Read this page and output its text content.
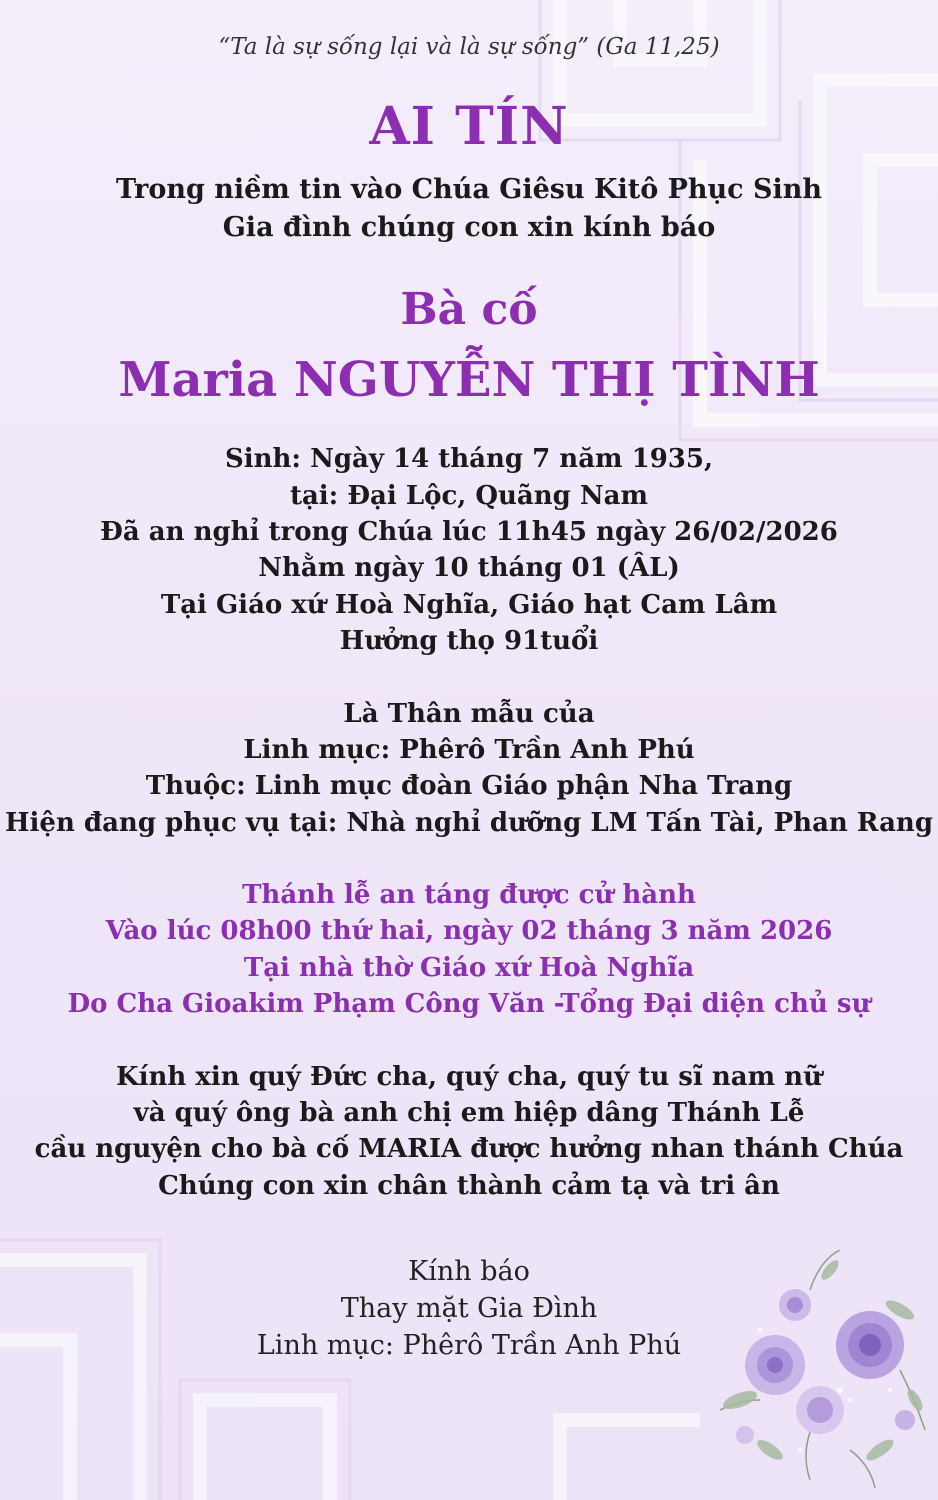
“Ta là sự sống lại và là sự sống” (Ga 11,25)
AI TÍN
Trong niềm tin vào Chúa Giêsu Kitô Phục Sinh
Gia đình chúng con xin kính báo
Bà cố
Maria NGUYỄN THỊ TÌNH
Sinh: Ngày 14 tháng 7 năm 1935,
tại: Đại Lộc, Quãng Nam
Đã an nghỉ trong Chúa lúc 11h45 ngày 26/02/2026
Nhằm ngày 10 tháng 01 (ÂL)
Tại Giáo xứ Hoà Nghĩa, Giáo hạt Cam Lâm
Hưởng thọ 91tuổi
Là Thân mẫu của
Linh mục: Phêrô Trần Anh Phú
Thuộc: Linh mục đoàn Giáo phận Nha Trang
Hiện đang phục vụ tại: Nhà nghỉ dưỡng LM Tấn Tài, Phan Rang
Thánh lễ an táng được cử hành
Vào lúc 08h00 thứ hai, ngày 02 tháng 3 năm 2026
Tại nhà thờ Giáo xứ Hoà Nghĩa
Do Cha Gioakim Phạm Công Văn -Tổng Đại diện chủ sự
Kính xin quý Đức cha, quý cha, quý tu sĩ nam nữ
và quý ông bà anh chị em hiệp dâng Thánh Lễ
cầu nguyện cho bà cố MARIA được hưởng nhan thánh Chúa
Chúng con xin chân thành cảm tạ và tri ân
Kính báo
Thay mặt Gia Đình
Linh mục: Phêrô Trần Anh Phú
